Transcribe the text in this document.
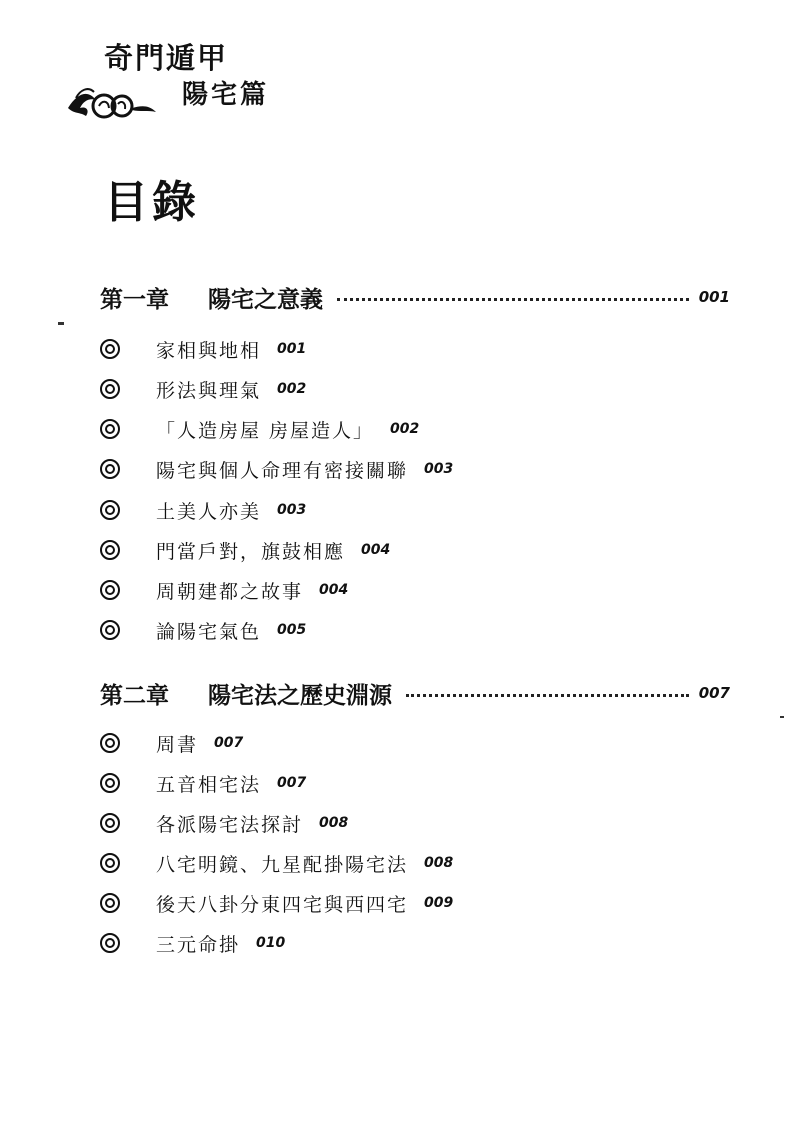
奇門遁甲
陽宅篇
目錄
第一章	陽宅之意義	001
家相與地相 001
形法與理氣 002
「人造房屋 房屋造人」 002
陽宅與個人命理有密接關聯 003
土美人亦美 003
門當戶對，旗鼓相應 004
周朝建都之故事 004
論陽宅氣色 005
第二章	陽宅法之歷史淵源	007
周書 007
五音相宅法 007
各派陽宅法探討 008
八宅明鏡、九星配掛陽宅法 008
後天八卦分東四宅與西四宅 009
三元命掛 010
